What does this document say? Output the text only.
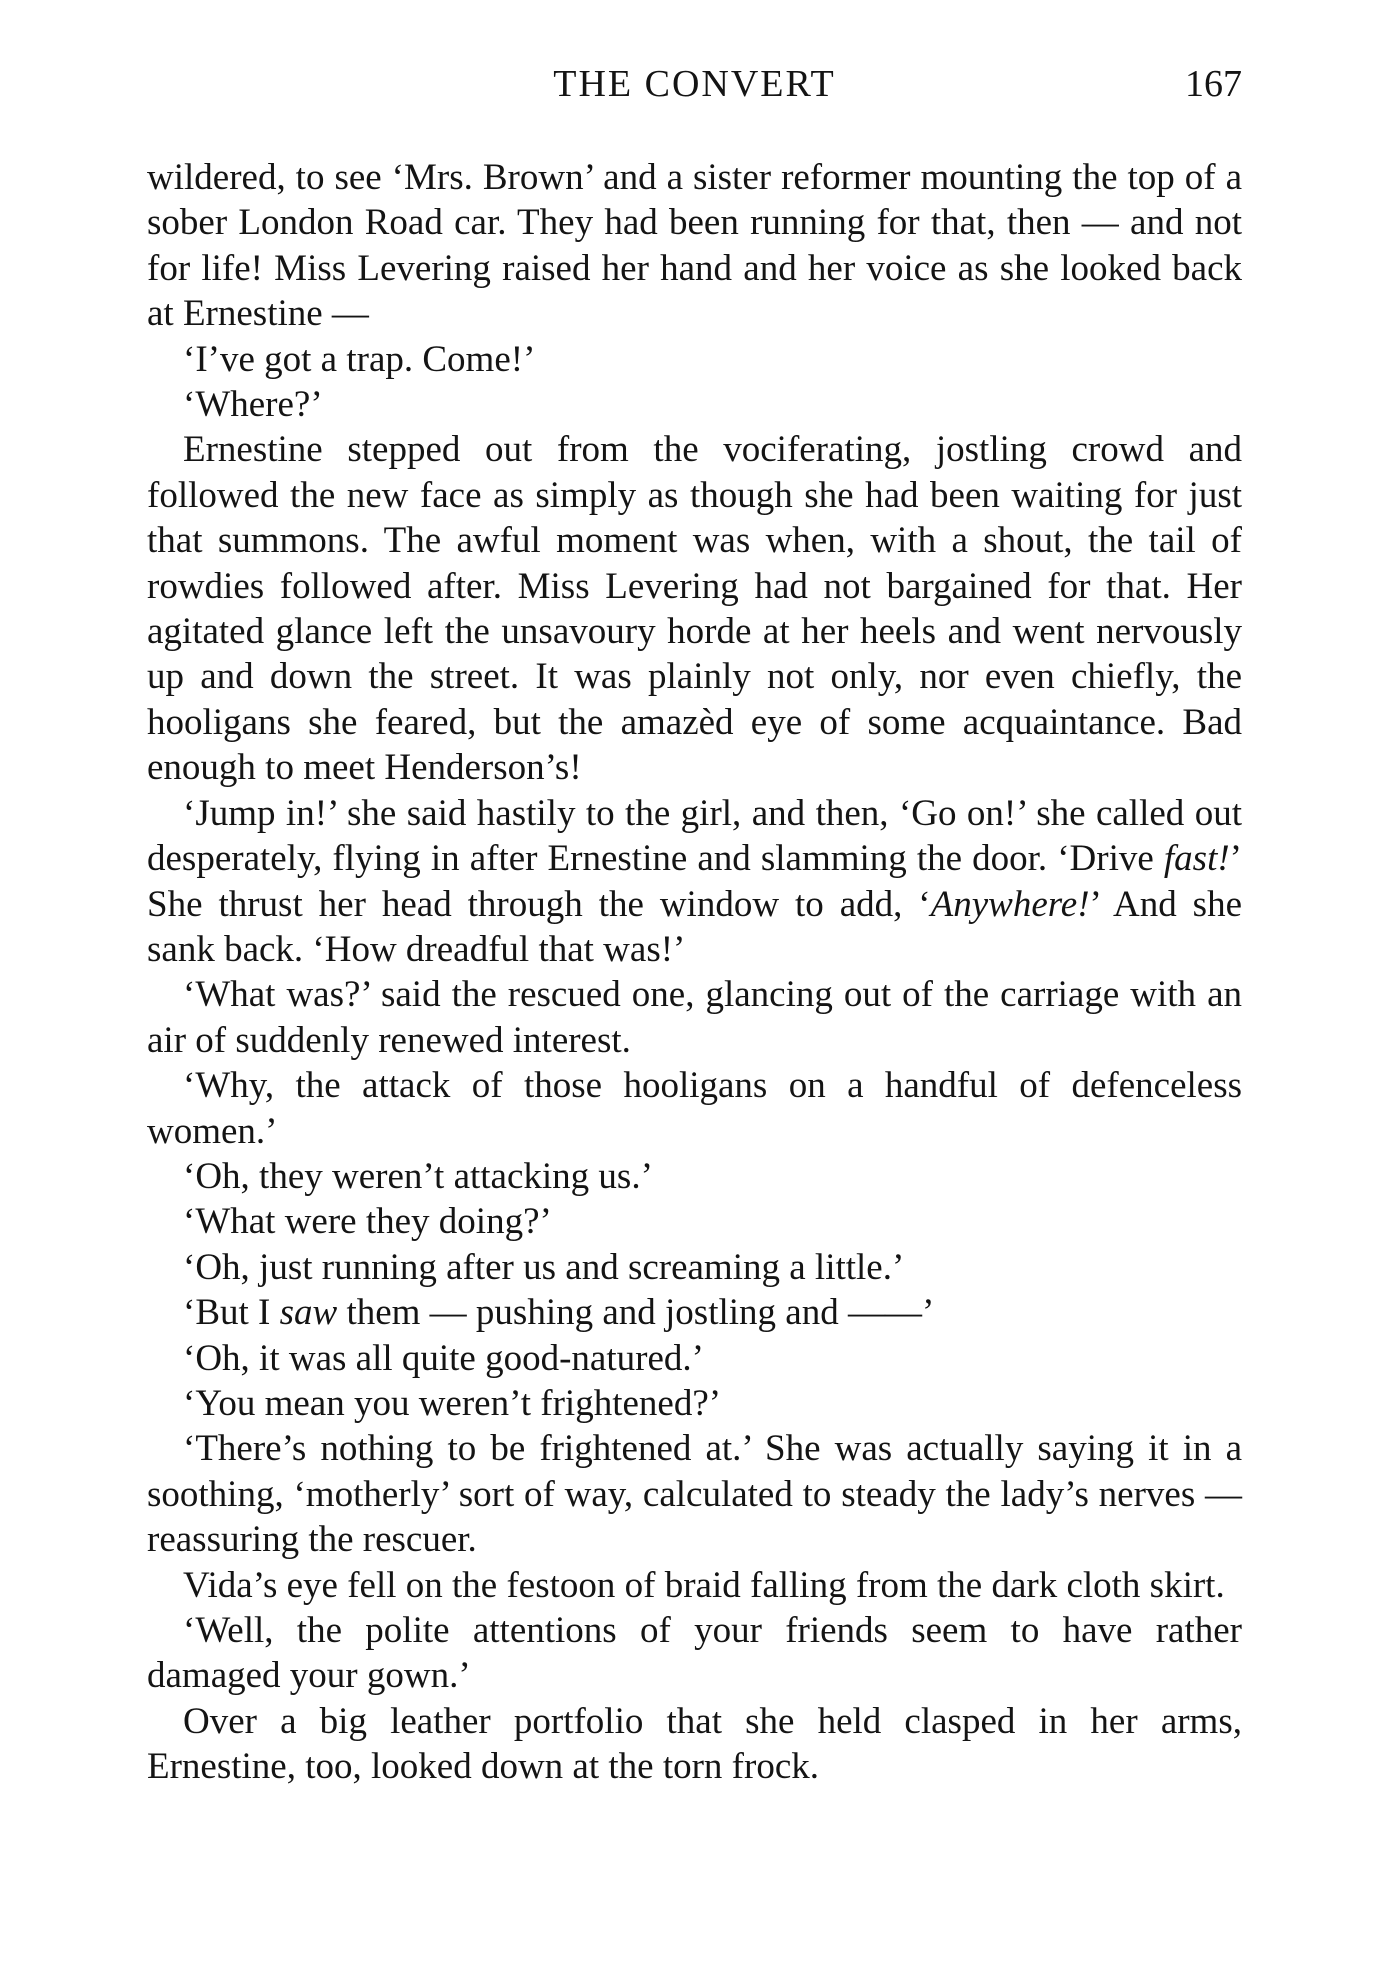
THE CONVERT	167

wildered, to see ‘Mrs. Brown’ and a sister reformer mounting the top of a sober London Road car. They had been running for that, then — and not for life! Miss Levering raised her hand and her voice as she looked back at Ernestine —

‘I’ve got a trap. Come!’

‘Where?’

Ernestine stepped out from the vociferating, jostling crowd and followed the new face as simply as though she had been waiting for just that summons. The awful moment was when, with a shout, the tail of rowdies followed after. Miss Levering had not bargained for that. Her agitated glance left the unsavoury horde at her heels and went nervously up and down the street. It was plainly not only, nor even chiefly, the hooligans she feared, but the amazèd eye of some acquaintance. Bad enough to meet Henderson’s!

‘Jump in!’ she said hastily to the girl, and then, ‘Go on!’ she called out desperately, flying in after Ernestine and slamming the door. ‘Drive fast!’ She thrust her head through the window to add, ‘Anywhere!’ And she sank back. ‘How dreadful that was!’

‘What was?’ said the rescued one, glancing out of the carriage with an air of suddenly renewed interest.

‘Why, the attack of those hooligans on a handful of defenceless women.’

‘Oh, they weren’t attacking us.’

‘What were they doing?’

‘Oh, just running after us and screaming a little.’

‘But I saw them — pushing and jostling and ——’

‘Oh, it was all quite good-natured.’

‘You mean you weren’t frightened?’

‘There’s nothing to be frightened at.’ She was actually saying it in a soothing, ‘motherly’ sort of way, calculated to steady the lady’s nerves — reassuring the rescuer.

Vida’s eye fell on the festoon of braid falling from the dark cloth skirt.

‘Well, the polite attentions of your friends seem to have rather damaged your gown.’

Over a big leather portfolio that she held clasped in her arms, Ernestine, too, looked down at the torn frock.
